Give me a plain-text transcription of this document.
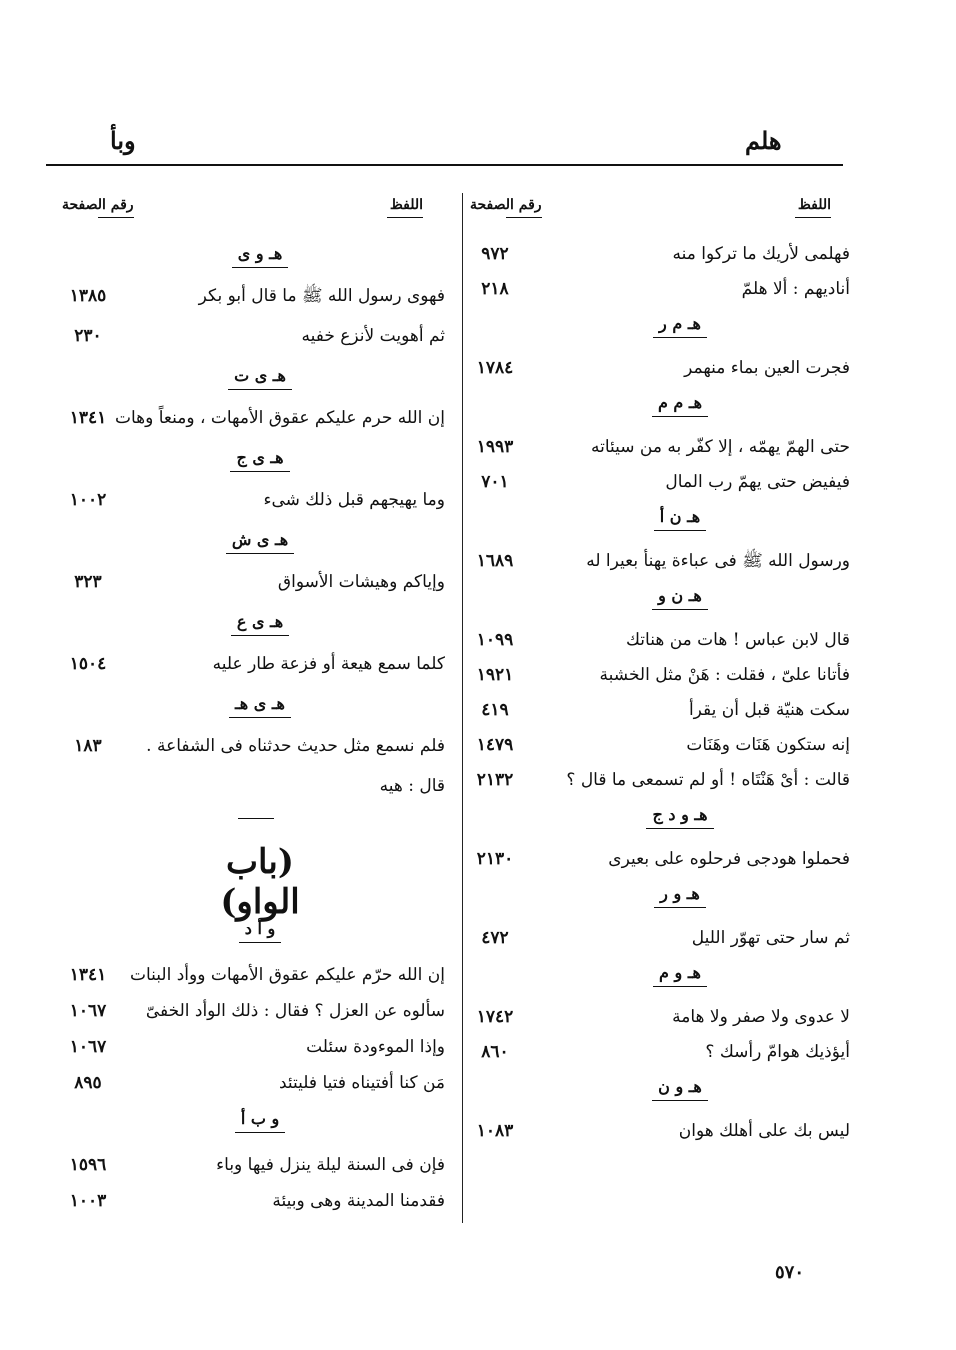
هلم
وبأ
اللفظ
رقم الصفحة
اللفظ
رقم الصفحة
فهلمى لأريك ما تركوا منه
٩٧٢
أناديهم : ألا هلمّ
٢١٨
هـ م ر
فجرت العين بماء منهمر
١٧٨٤
هـ م م
حتى الهمّ يهمّه ، إلا كفّر به من سيئاته
١٩٩٣
فيفيض حتى يهمّ رب المال
٧٠١
هـ ن أ
ورسول الله ﷺ فى عباءة يهنأ بعيرا له
١٦٨٩
هـ ن و
قال لابن عباس ! هات من هناتك
١٠٩٩
فأتانا علىّ ، فقلت : هَنْ مثل الخشبة
١٩٢١
سكت هنيّة قبل أن يقرأ
٤١٩
إنه ستكون هَنَات وهَنَات
١٤٧٩
قالت : أىْ هَنْتَاه ! أو لم تسمعى ما قال ؟
٢١٣٢
هـ و د ج
فحملوا هودجى فرحلوه على بعيرى
٢١٣٠
هـ و ر
ثم سار حتى تهوّر الليل
٤٧٢
هـ و م
لا عدوى ولا صفر ولا هامة
١٧٤٢
أيؤذيك هوامّ رأسك ؟
٨٦٠
هـ و ن
ليس بك على أهلك هوان
١٠٨٣
هـ و ى
فهوى رسول الله ﷺ ما قال أبو بكر
١٣٨٥
ثم أهويت لأنزع خفيه
٢٣٠
هـ ى ت
إن الله حرم عليكم عقوق الأمهات ، ومنعاً وهات
١٣٤١
هـ ى ج
وما يهيجهم قبل ذلك شىء
١٠٠٢
هـ ى ش
وإياكم وهيشات الأسواق
٣٢٣
هـ ى ع
كلما سمع هيعة أو فزعة طار عليه
١٥٠٤
هـ ى هـ
فلم نسمع مثل حديث حدثناه فى الشفاعة .
١٨٣
قال : هيه
(باب الواو)
و أ د
إن الله حرّم عليكم عقوق الأمهات ووأد البنات
١٣٤١
سألوه عن العزل ؟ فقال : ذلك الوأد الخفىّ
١٠٦٧
وإذا الموءودة سئلت
١٠٦٧
مَن كنا أفتيناه فتيا فليتئد
٨٩٥
و ب أ
فإن فى السنة ليلة ينزل فيها وباء
١٥٩٦
فقدمنا المدينة وهى وبيئة
١٠٠٣
٥٧٠
